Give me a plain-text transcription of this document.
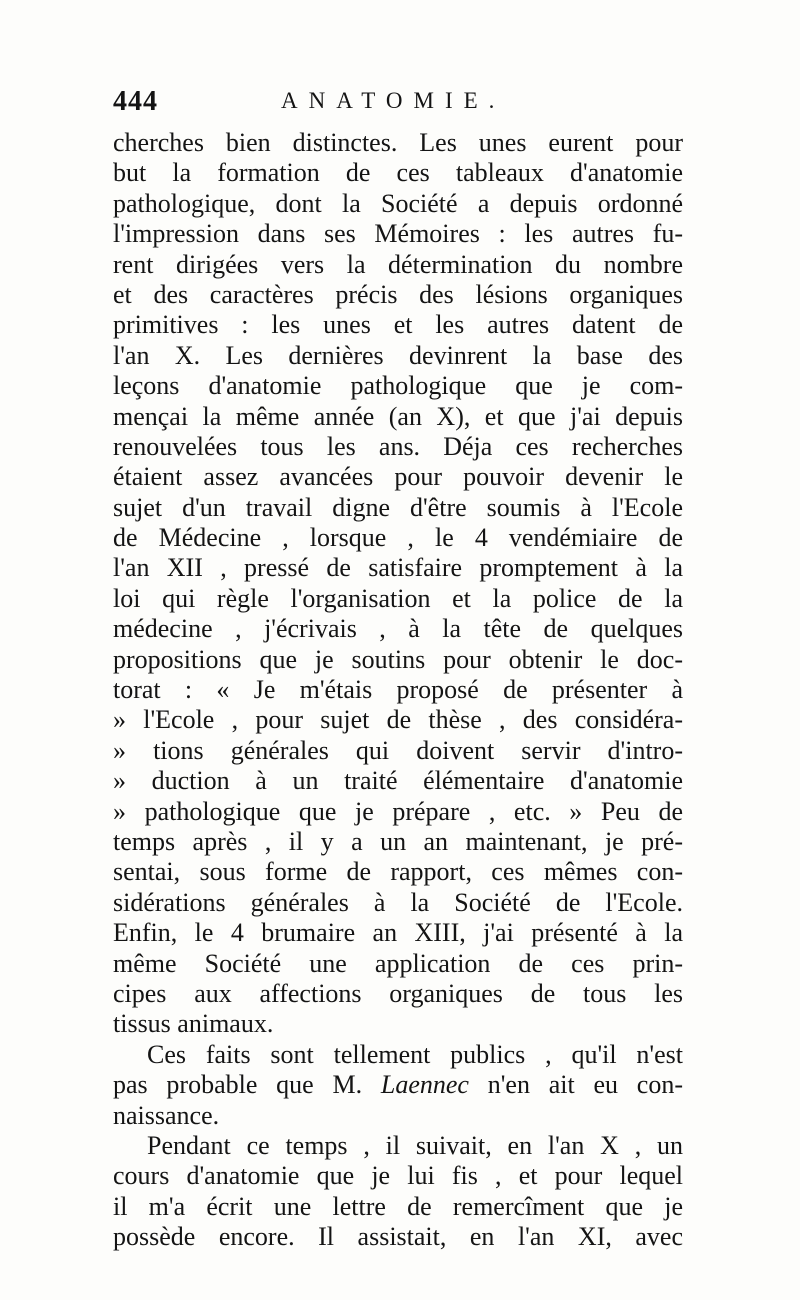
444	ANATOMIE.
cherches bien distinctes. Les unes eurent pour
but la formation de ces tableaux d'anatomie
pathologique, dont la Société a depuis ordonné
l'impression dans ses Mémoires : les autres fu-
rent dirigées vers la détermination du nombre
et des caractères précis des lésions organiques
primitives : les unes et les autres datent de
l'an X. Les dernières devinrent la base des
leçons d'anatomie pathologique que je com-
mençai la même année (an X), et que j'ai depuis
renouvelées tous les ans. Déja ces recherches
étaient assez avancées pour pouvoir devenir le
sujet d'un travail digne d'être soumis à l'Ecole
de Médecine , lorsque , le 4 vendémiaire de
l'an XII , pressé de satisfaire promptement à la
loi qui règle l'organisation et la police de la
médecine , j'écrivais , à la tête de quelques
propositions que je soutins pour obtenir le doc-
torat : « Je m'étais proposé de présenter à
» l'Ecole , pour sujet de thèse , des considéra-
» tions générales qui doivent servir d'intro-
» duction à un traité élémentaire d'anatomie
» pathologique que je prépare , etc. » Peu de
temps après , il y a un an maintenant, je pré-
sentai, sous forme de rapport, ces mêmes con-
sidérations générales à la Société de l'Ecole.
Enfin, le 4 brumaire an XIII, j'ai présenté à la
même Société une application de ces prin-
cipes aux affections organiques de tous les
tissus animaux.
Ces faits sont tellement publics , qu'il n'est
pas probable que M. Laennec n'en ait eu con-
naissance.
Pendant ce temps , il suivait, en l'an X , un
cours d'anatomie que je lui fis , et pour lequel
il m'a écrit une lettre de remercîment que je
possède encore. Il assistait, en l'an XI, avec
